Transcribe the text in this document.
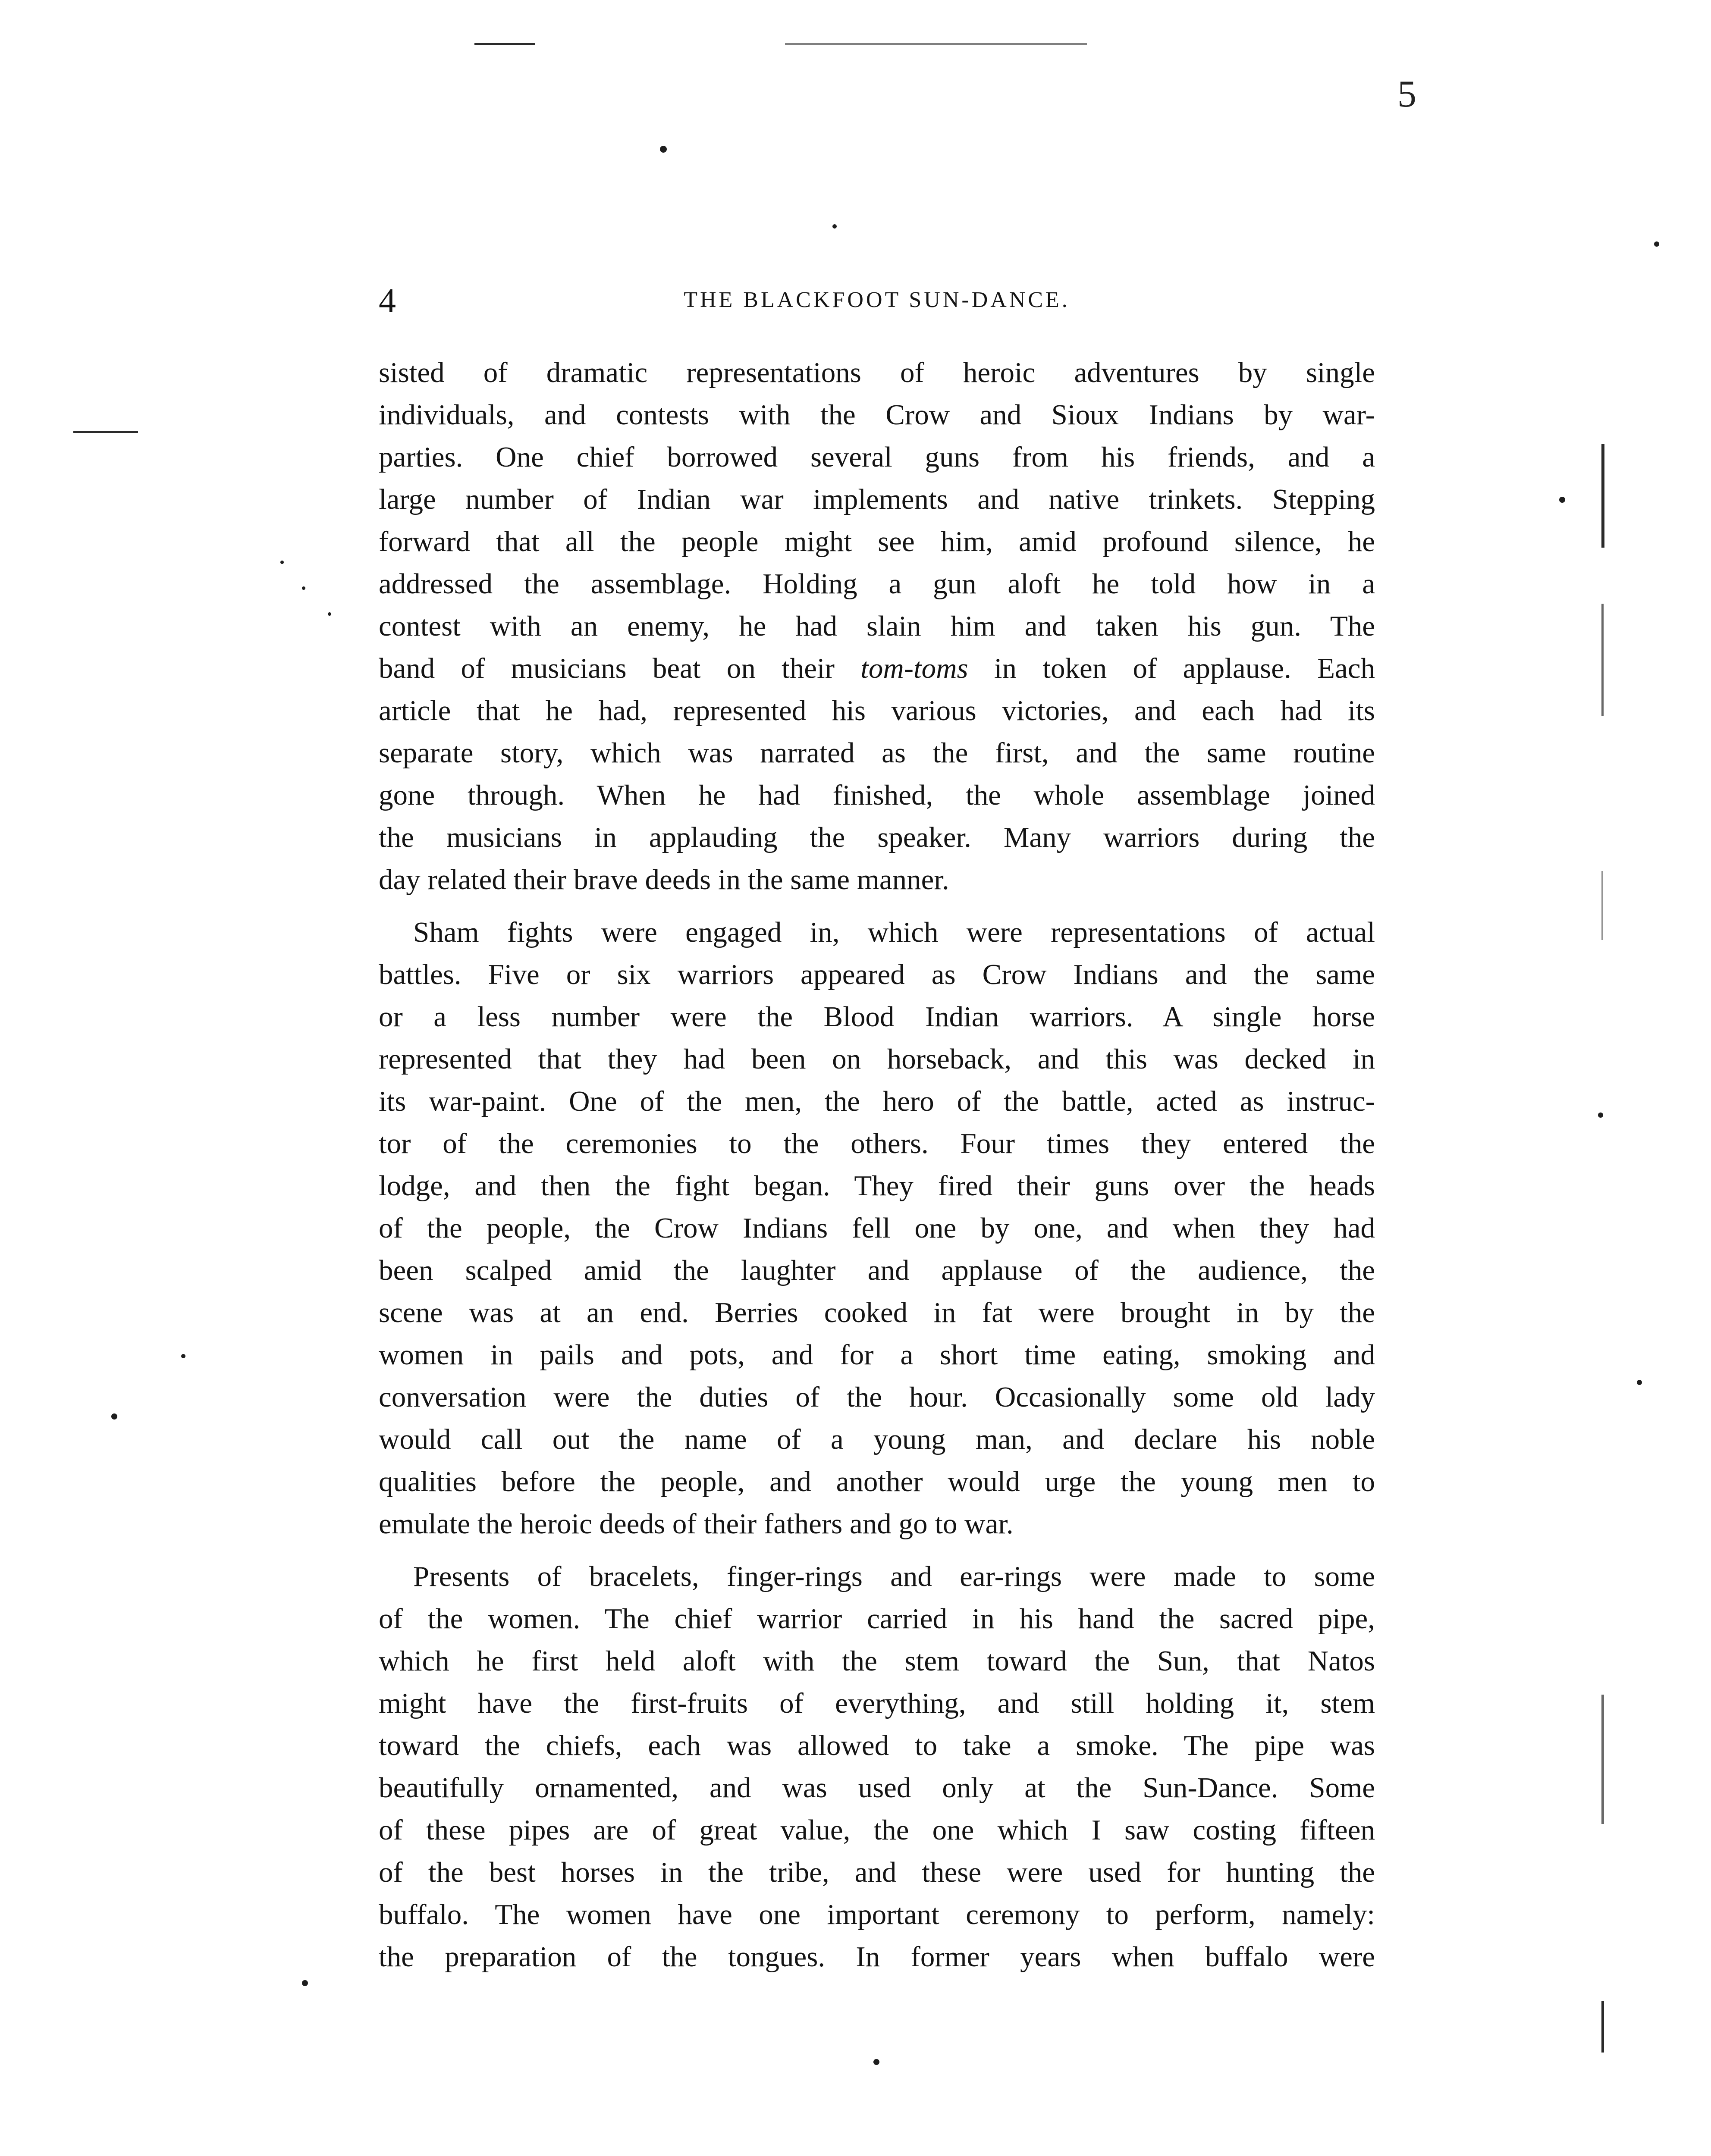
5
4	THE BLACKFOOT SUN-DANCE.

sisted of dramatic representations of heroic adventures by single
individuals, and contests with the Crow and Sioux Indians by war-
parties. One chief borrowed several guns from his friends, and a
large number of Indian war implements and native trinkets. Stepping
forward that all the people might see him, amid profound silence, he
addressed the assemblage. Holding a gun aloft he told how in a
contest with an enemy, he had slain him and taken his gun. The
band of musicians beat on their tom-toms in token of applause. Each
article that he had, represented his various victories, and each had its
separate story, which was narrated as the first, and the same routine
gone through. When he had finished, the whole assemblage joined
the musicians in applauding the speaker. Many warriors during the
day related their brave deeds in the same manner.

Sham fights were engaged in, which were representations of actual
battles. Five or six warriors appeared as Crow Indians and the same
or a less number were the Blood Indian warriors. A single horse
represented that they had been on horseback, and this was decked in
its war-paint. One of the men, the hero of the battle, acted as instruc-
tor of the ceremonies to the others. Four times they entered the
lodge, and then the fight began. They fired their guns over the heads
of the people, the Crow Indians fell one by one, and when they had
been scalped amid the laughter and applause of the audience, the
scene was at an end. Berries cooked in fat were brought in by the
women in pails and pots, and for a short time eating, smoking and
conversation were the duties of the hour. Occasionally some old lady
would call out the name of a young man, and declare his noble
qualities before the people, and another would urge the young men to
emulate the heroic deeds of their fathers and go to war.

Presents of bracelets, finger-rings and ear-rings were made to some
of the women. The chief warrior carried in his hand the sacred pipe,
which he first held aloft with the stem toward the Sun, that Natos
might have the first-fruits of everything, and still holding it, stem
toward the chiefs, each was allowed to take a smoke. The pipe was
beautifully ornamented, and was used only at the Sun-Dance. Some
of these pipes are of great value, the one which I saw costing fifteen
of the best horses in the tribe, and these were used for hunting the
buffalo. The women have one important ceremony to perform, namely:
the preparation of the tongues. In former years when buffalo were
